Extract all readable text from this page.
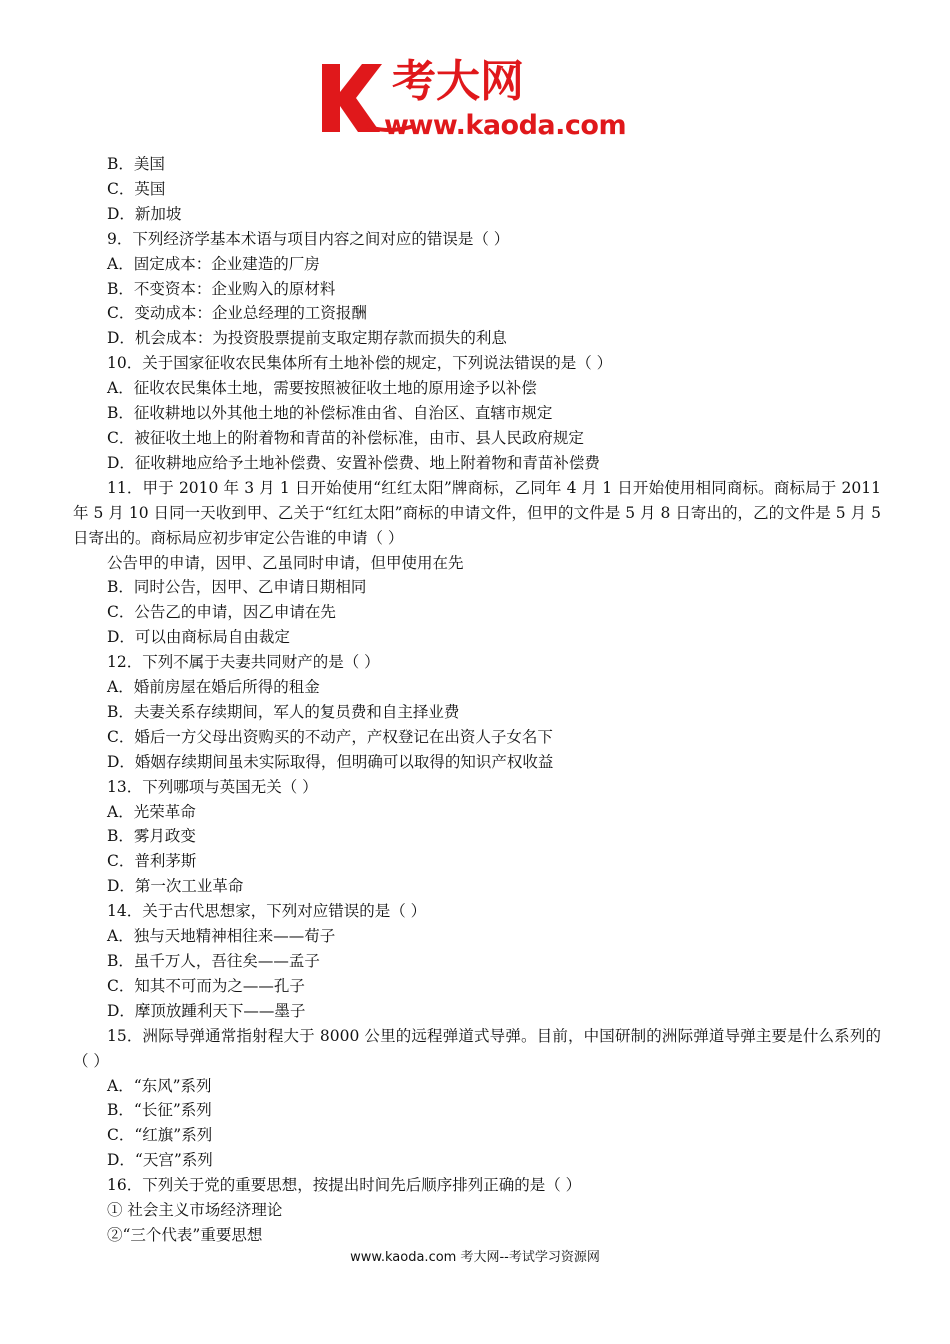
考大网
www.kaoda.com
B．美国
C．英国
D．新加坡
9．下列经济学基本术语与项目内容之间对应的错误是（ ）
A．固定成本：企业建造的厂房
B．不变资本：企业购入的原材料
C．变动成本：企业总经理的工资报酬
D．机会成本：为投资股票提前支取定期存款而损失的利息
10．关于国家征收农民集体所有土地补偿的规定，下列说法错误的是（ ）
A．征收农民集体土地，需要按照被征收土地的原用途予以补偿
B．征收耕地以外其他土地的补偿标准由省、自治区、直辖市规定
C．被征收土地上的附着物和青苗的补偿标准，由市、县人民政府规定
D．征收耕地应给予土地补偿费、安置补偿费、地上附着物和青苗补偿费
11．甲于 2010 年 3 月 1 日开始使用“红红太阳”牌商标，乙同年 4 月 1 日开始使用相同商标。商标局于 2011 年 5 月 10 日同一天收到甲、乙关于“红红太阳”商标的申请文件，但甲的文件是 5 月 8 日寄出的，乙的文件是 5 月 5 日寄出的。商标局应初步审定公告谁的申请（ ）
公告甲的申请，因甲、乙虽同时申请，但甲使用在先
B．同时公告，因甲、乙申请日期相同
C．公告乙的申请，因乙申请在先
D．可以由商标局自由裁定
12．下列不属于夫妻共同财产的是（ ）
A．婚前房屋在婚后所得的租金
B．夫妻关系存续期间，军人的复员费和自主择业费
C．婚后一方父母出资购买的不动产，产权登记在出资人子女名下
D．婚姻存续期间虽未实际取得，但明确可以取得的知识产权收益
13．下列哪项与英国无关（ ）
A．光荣革命
B．雾月政变
C．普利茅斯
D．第一次工业革命
14．关于古代思想家，下列对应错误的是（ ）
A．独与天地精神相往来——荀子
B．虽千万人，吾往矣——孟子
C．知其不可而为之——孔子
D．摩顶放踵利天下——墨子
15．洲际导弹通常指射程大于 8000 公里的远程弹道式导弹。目前，中国研制的洲际弹道导弹主要是什么系列的（ ）
A．“东风”系列
B．“长征”系列
C．“红旗”系列
D．“天宫”系列
16．下列关于党的重要思想，按提出时间先后顺序排列正确的是（ ）
① 社会主义市场经济理论
②“三个代表”重要思想
www.kaoda.com 考大网--考试学习资源网
